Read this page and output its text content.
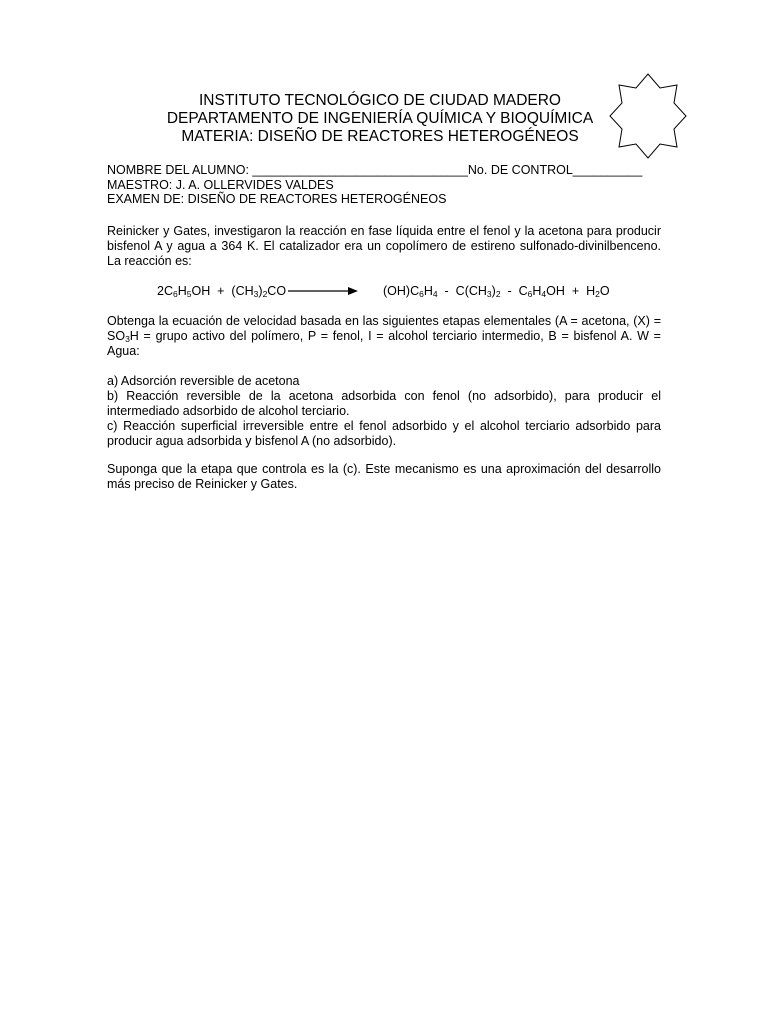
INSTITUTO TECNOLÓGICO DE CIUDAD MADERO
DEPARTAMENTO DE INGENIERÍA QUÍMICA Y BIOQUÍMICA
MATERIA: DISEÑO DE REACTORES HETEROGÉNEOS
NOMBRE DEL ALUMNO: _______________________________No. DE CONTROL__________
MAESTRO: J. A. OLLERVIDES VALDES
EXAMEN DE: DISEÑO DE REACTORES HETEROGÉNEOS
Reinicker y Gates, investigaron la reacción en fase líquida entre el fenol y la acetona para producir bisfenol A y agua a 364 K. El catalizador era un copolímero de estireno sulfonado-divinilbenceno. La reacción es:
$2C_6H_5OH + (CH_3)_2CO$	$(OH)C_6H_4 - C(CH_3)_2 - C_6H_4OH + H_2O$
Obtenga la ecuación de velocidad basada en las siguientes etapas elementales (A = acetona, $(X) = SO_3H$ = grupo activo del polímero, P = fenol, I = alcohol terciario intermedio, B = bisfenol A. W = Agua:
a) Adsorción reversible de acetona
b) Reacción reversible de la acetona adsorbida con fenol (no adsorbido), para producir el intermediado adsorbido de alcohol terciario.
c) Reacción superficial irreversible entre el fenol adsorbido y el alcohol terciario adsorbido para producir agua adsorbida y bisfenol A (no adsorbido).
Suponga que la etapa que controla es la (c). Este mecanismo es una aproximación del desarrollo más preciso de Reinicker y Gates.
